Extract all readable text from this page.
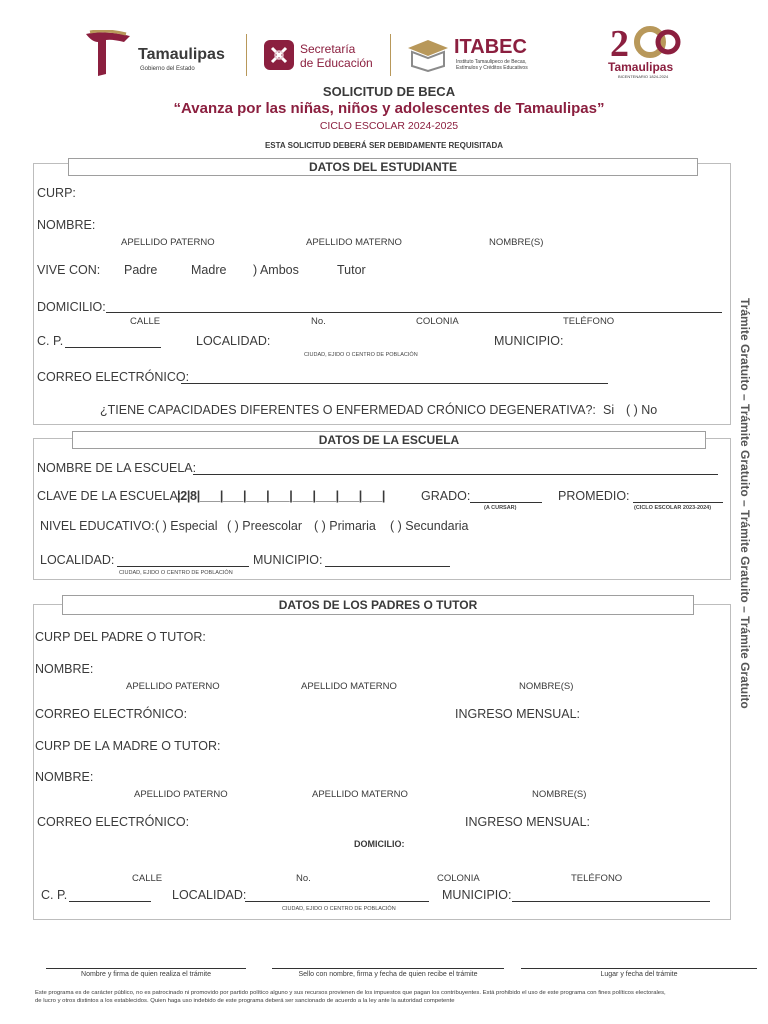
Tamaulipas
Gobierno del Estado
Secretaría
de Educación
ITABEC
Instituto Tamaulipeco de Becas,
Estímulos y Créditos Educativos
2
Tamaulipas
BICENTENARIO 1824-2024
SOLICITUD DE BECA
“Avanza por las niñas, niños y adolescentes de Tamaulipas”
CICLO ESCOLAR 2024-2025
ESTA SOLICITUD DEBERÁ SER DEBIDAMENTE REQUISITADA
Trámite Gratuito – Trámite Gratuito – Trámite Gratuito – Trámite Gratuito
DATOS DEL ESTUDIANTE
CURP:
NOMBRE:
APELLIDO PATERNO	APELLIDO MATERNO	NOMBRE(S)
VIVE CON: Padre	Madre ) Ambos	Tutor
DOMICILIO:
CALLE	No.	COLONIA	TELÉFONO
C. P.	LOCALIDAD:
CIUDAD, EJIDO O CENTRO DE POBLACIÓN
MUNICIPIO:
CORREO ELECTRÓNICO:
¿TIENE CAPACIDADES DIFERENTES O ENFERMEDAD CRÓNICO DEGENERATIVA?: Si ( ) No
DATOS DE LA ESCUELA
NOMBRE DE LA ESCUELA:
CLAVE DE LA ESCUELA:
|2|8|___|___|___|___|___|___|___|___|	GRADO:
(A CURSAR)
PROMEDIO:
(CICLO ESCOLAR 2023-2024)
NIVEL EDUCATIVO: ( ) Especial ( ) Preescolar ( ) Primaria ( ) Secundaria
LOCALIDAD:
CIUDAD, EJIDO O CENTRO DE POBLACIÓN
MUNICIPIO:
DATOS DE LOS PADRES O TUTOR
CURP DEL PADRE O TUTOR:
NOMBRE:
APELLIDO PATERNO	APELLIDO MATERNO	NOMBRE(S)
CORREO ELECTRÓNICO:	INGRESO MENSUAL:
CURP DE LA MADRE O TUTOR:
NOMBRE:
APELLIDO PATERNO	APELLIDO MATERNO	NOMBRE(S)
CORREO ELECTRÓNICO:	INGRESO MENSUAL:
DOMICILIO:
CALLE	No.	COLONIA	TELÉFONO
C. P.	LOCALIDAD:
CIUDAD, EJIDO O CENTRO DE POBLACIÓN
MUNICIPIO:
Nombre y firma de quien realiza el trámite	Sello con nombre, firma y fecha de quien recibe el trámite	Lugar y fecha del trámite
Este programa es de carácter público, no es patrocinado ni promovido por partido político alguno y sus recursos provienen de los impuestos que pagan los contribuyentes. Está prohibido el uso de este programa con fines políticos electorales,
de lucro y otros distintos a los establecidos. Quien haga uso indebido de este programa deberá ser sancionado de acuerdo a la ley ante la autoridad competente
